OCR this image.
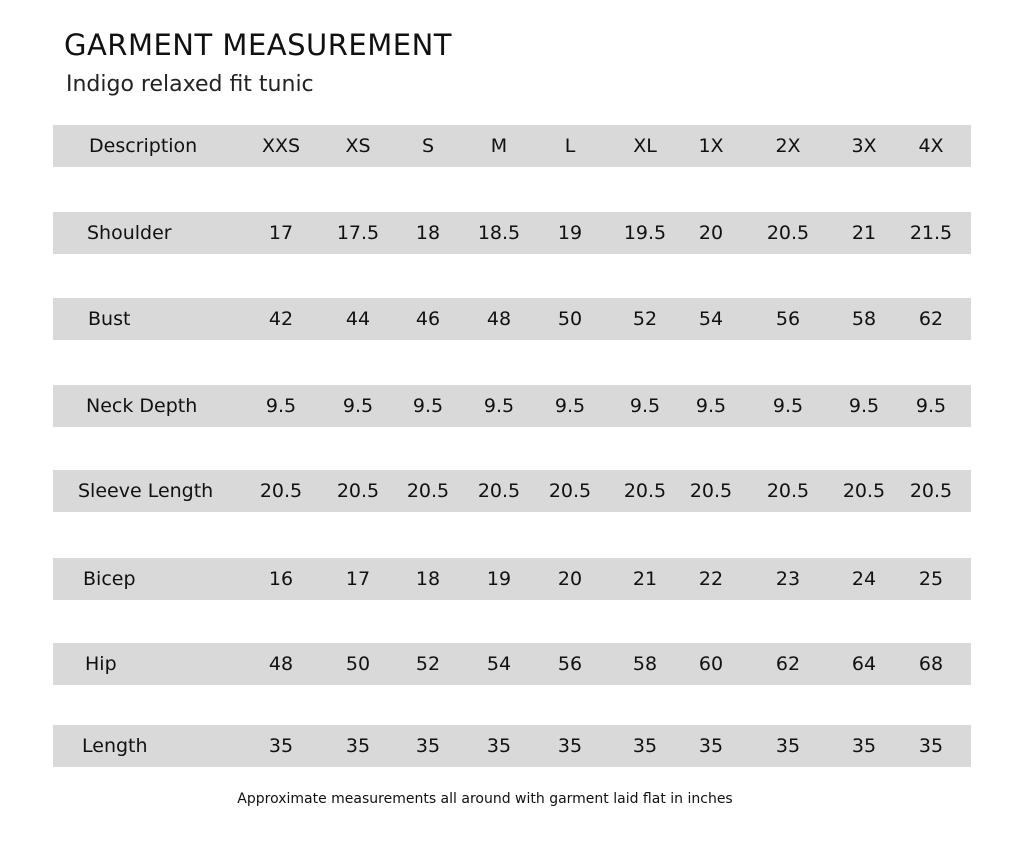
GARMENT MEASUREMENT
Indigo relaxed fit tunic
Description	XXS	XS	S	M	L	XL	1X	2X	3X	4X
Shoulder	17	17.5	18	18.5	19	19.5	20	20.5	21	21.5
Bust	42	44	46	48	50	52	54	56	58	62
Neck Depth	9.5	9.5	9.5	9.5	9.5	9.5	9.5	9.5	9.5	9.5
Sleeve Length	20.5	20.5	20.5	20.5	20.5	20.5	20.5	20.5	20.5	20.5
Bicep	16	17	18	19	20	21	22	23	24	25
Hip	48	50	52	54	56	58	60	62	64	68
Length	35	35	35	35	35	35	35	35	35	35
Approximate measurements all around with garment laid flat in inches
